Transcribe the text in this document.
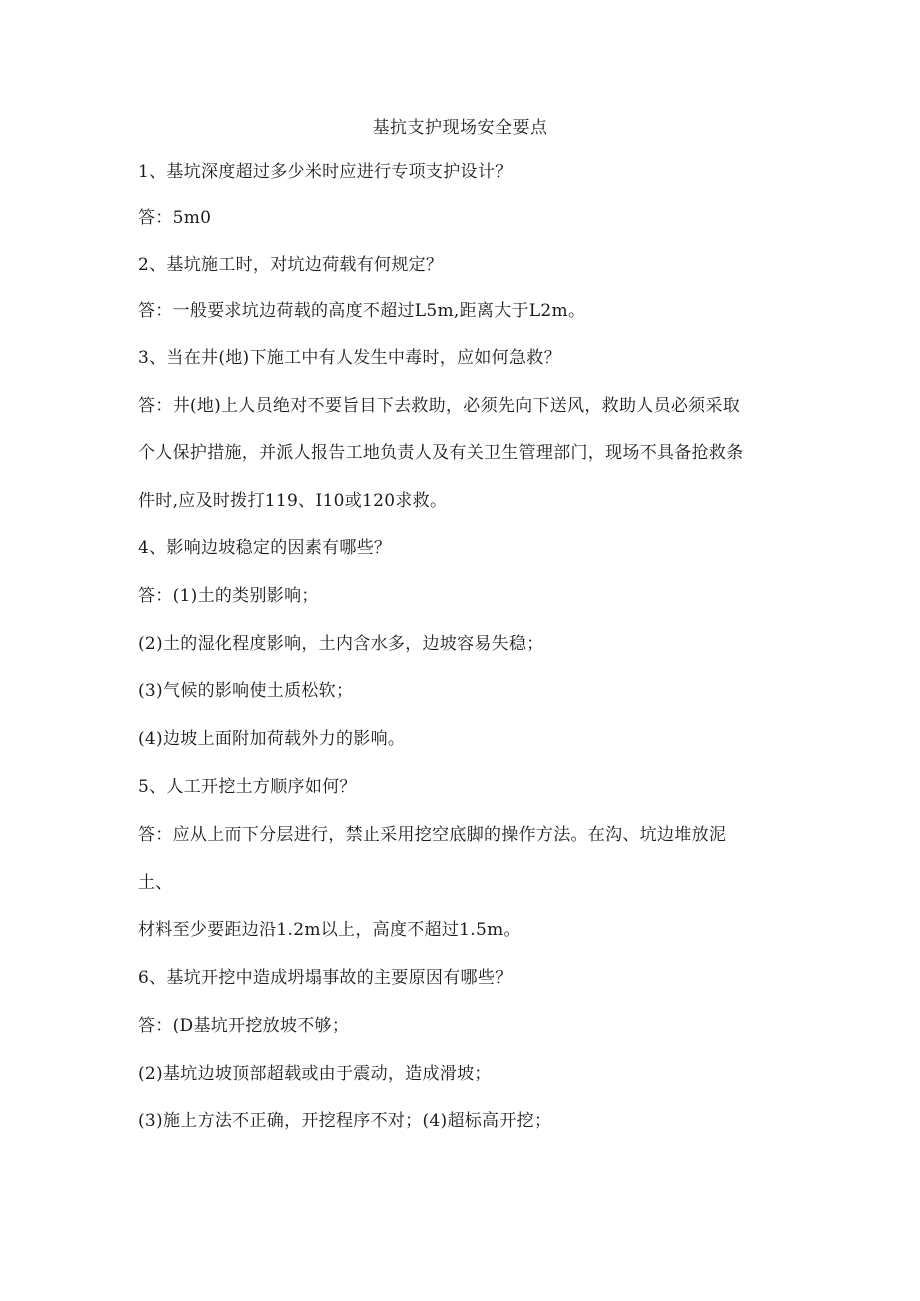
基抗支护现场安全要点
1、基坑深度超过多少米时应进行专项支护设计？
答：5m0
2、基坑施工时，对坑边荷载有何规定？
答：一般要求坑边荷载的高度不超过L5m,距离大于L2m。
3、当在井(地)下施工中有人发生中毒时，应如何急救？
答：井(地)上人员绝对不要旨目下去救助，必须先向下送风，救助人员必须采取
个人保护措施，并派人报告工地负责人及有关卫生管理部门，现场不具备抢救条
件时,应及时拨打119、I10或120求救。
4、影响边坡稳定的因素有哪些？
答：(1)土的类别影响；
(2)土的湿化程度影响，土内含水多，边坡容易失稳；
(3)气候的影响使土质松软；
(4)边坡上面附加荷载外力的影响。
5、人工开挖土方顺序如何？
答：应从上而下分层进行，禁止采用挖空底脚的操作方法。在沟、坑边堆放泥
土、
材料至少要距边沿1.2m以上，高度不超过1.5m。
6、基坑开挖中造成坍塌事故的主要原因有哪些？
答：(D基坑开挖放坡不够；
(2)基坑边坡顶部超载或由于震动，造成滑坡；
(3)施上方法不正确，开挖程序不对；(4)超标高开挖；
